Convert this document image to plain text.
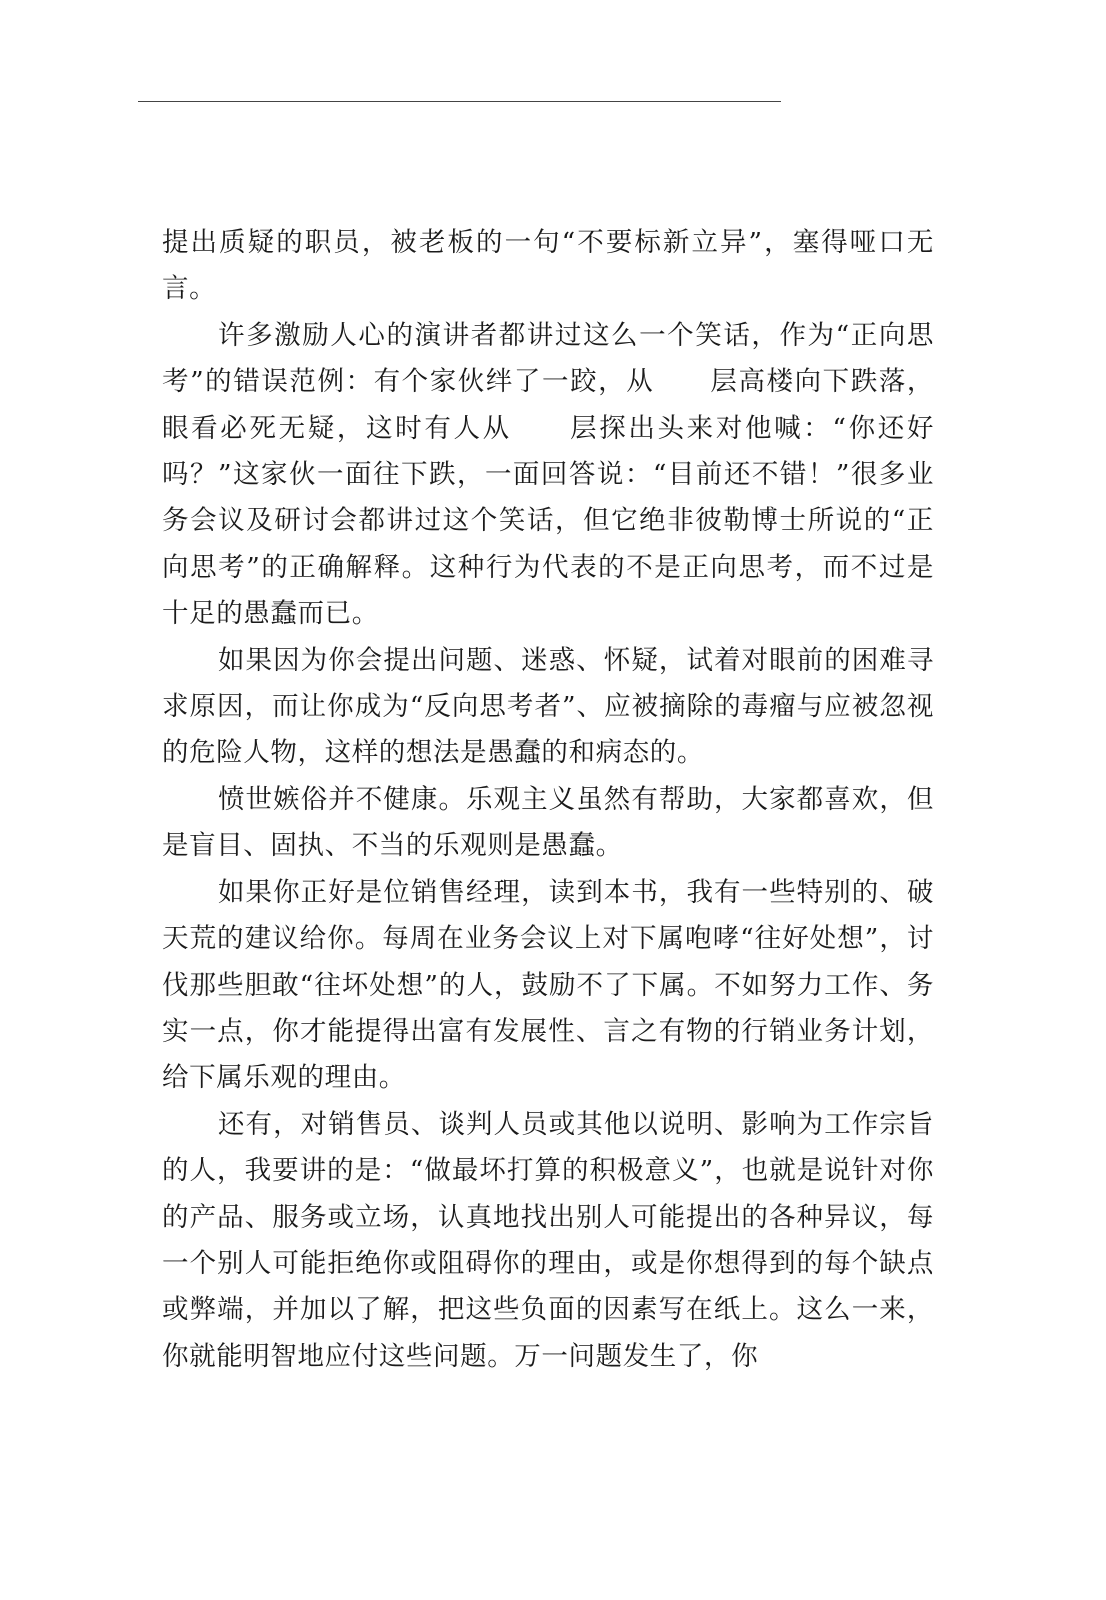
提出质疑的职员，被老板的一句“不要标新立异”，塞得哑口无言。

许多激励人心的演讲者都讲过这么一个笑话，作为“正向思考”的错误范例：有个家伙绊了一跤，从　　层高楼向下跌落，眼看必死无疑，这时有人从　　层探出头来对他喊：“你还好吗？”这家伙一面往下跌，一面回答说：“目前还不错！”很多业务会议及研讨会都讲过这个笑话，但它绝非彼勒博士所说的“正向思考”的正确解释。这种行为代表的不是正向思考，而不过是十足的愚蠢而已。

如果因为你会提出问题、迷惑、怀疑，试着对眼前的困难寻求原因，而让你成为“反向思考者”、应被摘除的毒瘤与应被忽视的危险人物，这样的想法是愚蠢的和病态的。

愤世嫉俗并不健康。乐观主义虽然有帮助，大家都喜欢，但是盲目、固执、不当的乐观则是愚蠢。

如果你正好是位销售经理，读到本书，我有一些特别的、破天荒的建议给你。每周在业务会议上对下属咆哮“往好处想”，讨伐那些胆敢“往坏处想”的人，鼓励不了下属。不如努力工作、务实一点，你才能提得出富有发展性、言之有物的行销业务计划，给下属乐观的理由。

还有，对销售员、谈判人员或其他以说明、影响为工作宗旨的人，我要讲的是：“做最坏打算的积极意义”，也就是说针对你的产品、服务或立场，认真地找出别人可能提出的各种异议，每一个别人可能拒绝你或阻碍你的理由，或是你想得到的每个缺点或弊端，并加以了解，把这些负面的因素写在纸上。这么一来，你就能明智地应付这些问题。万一问题发生了，你
